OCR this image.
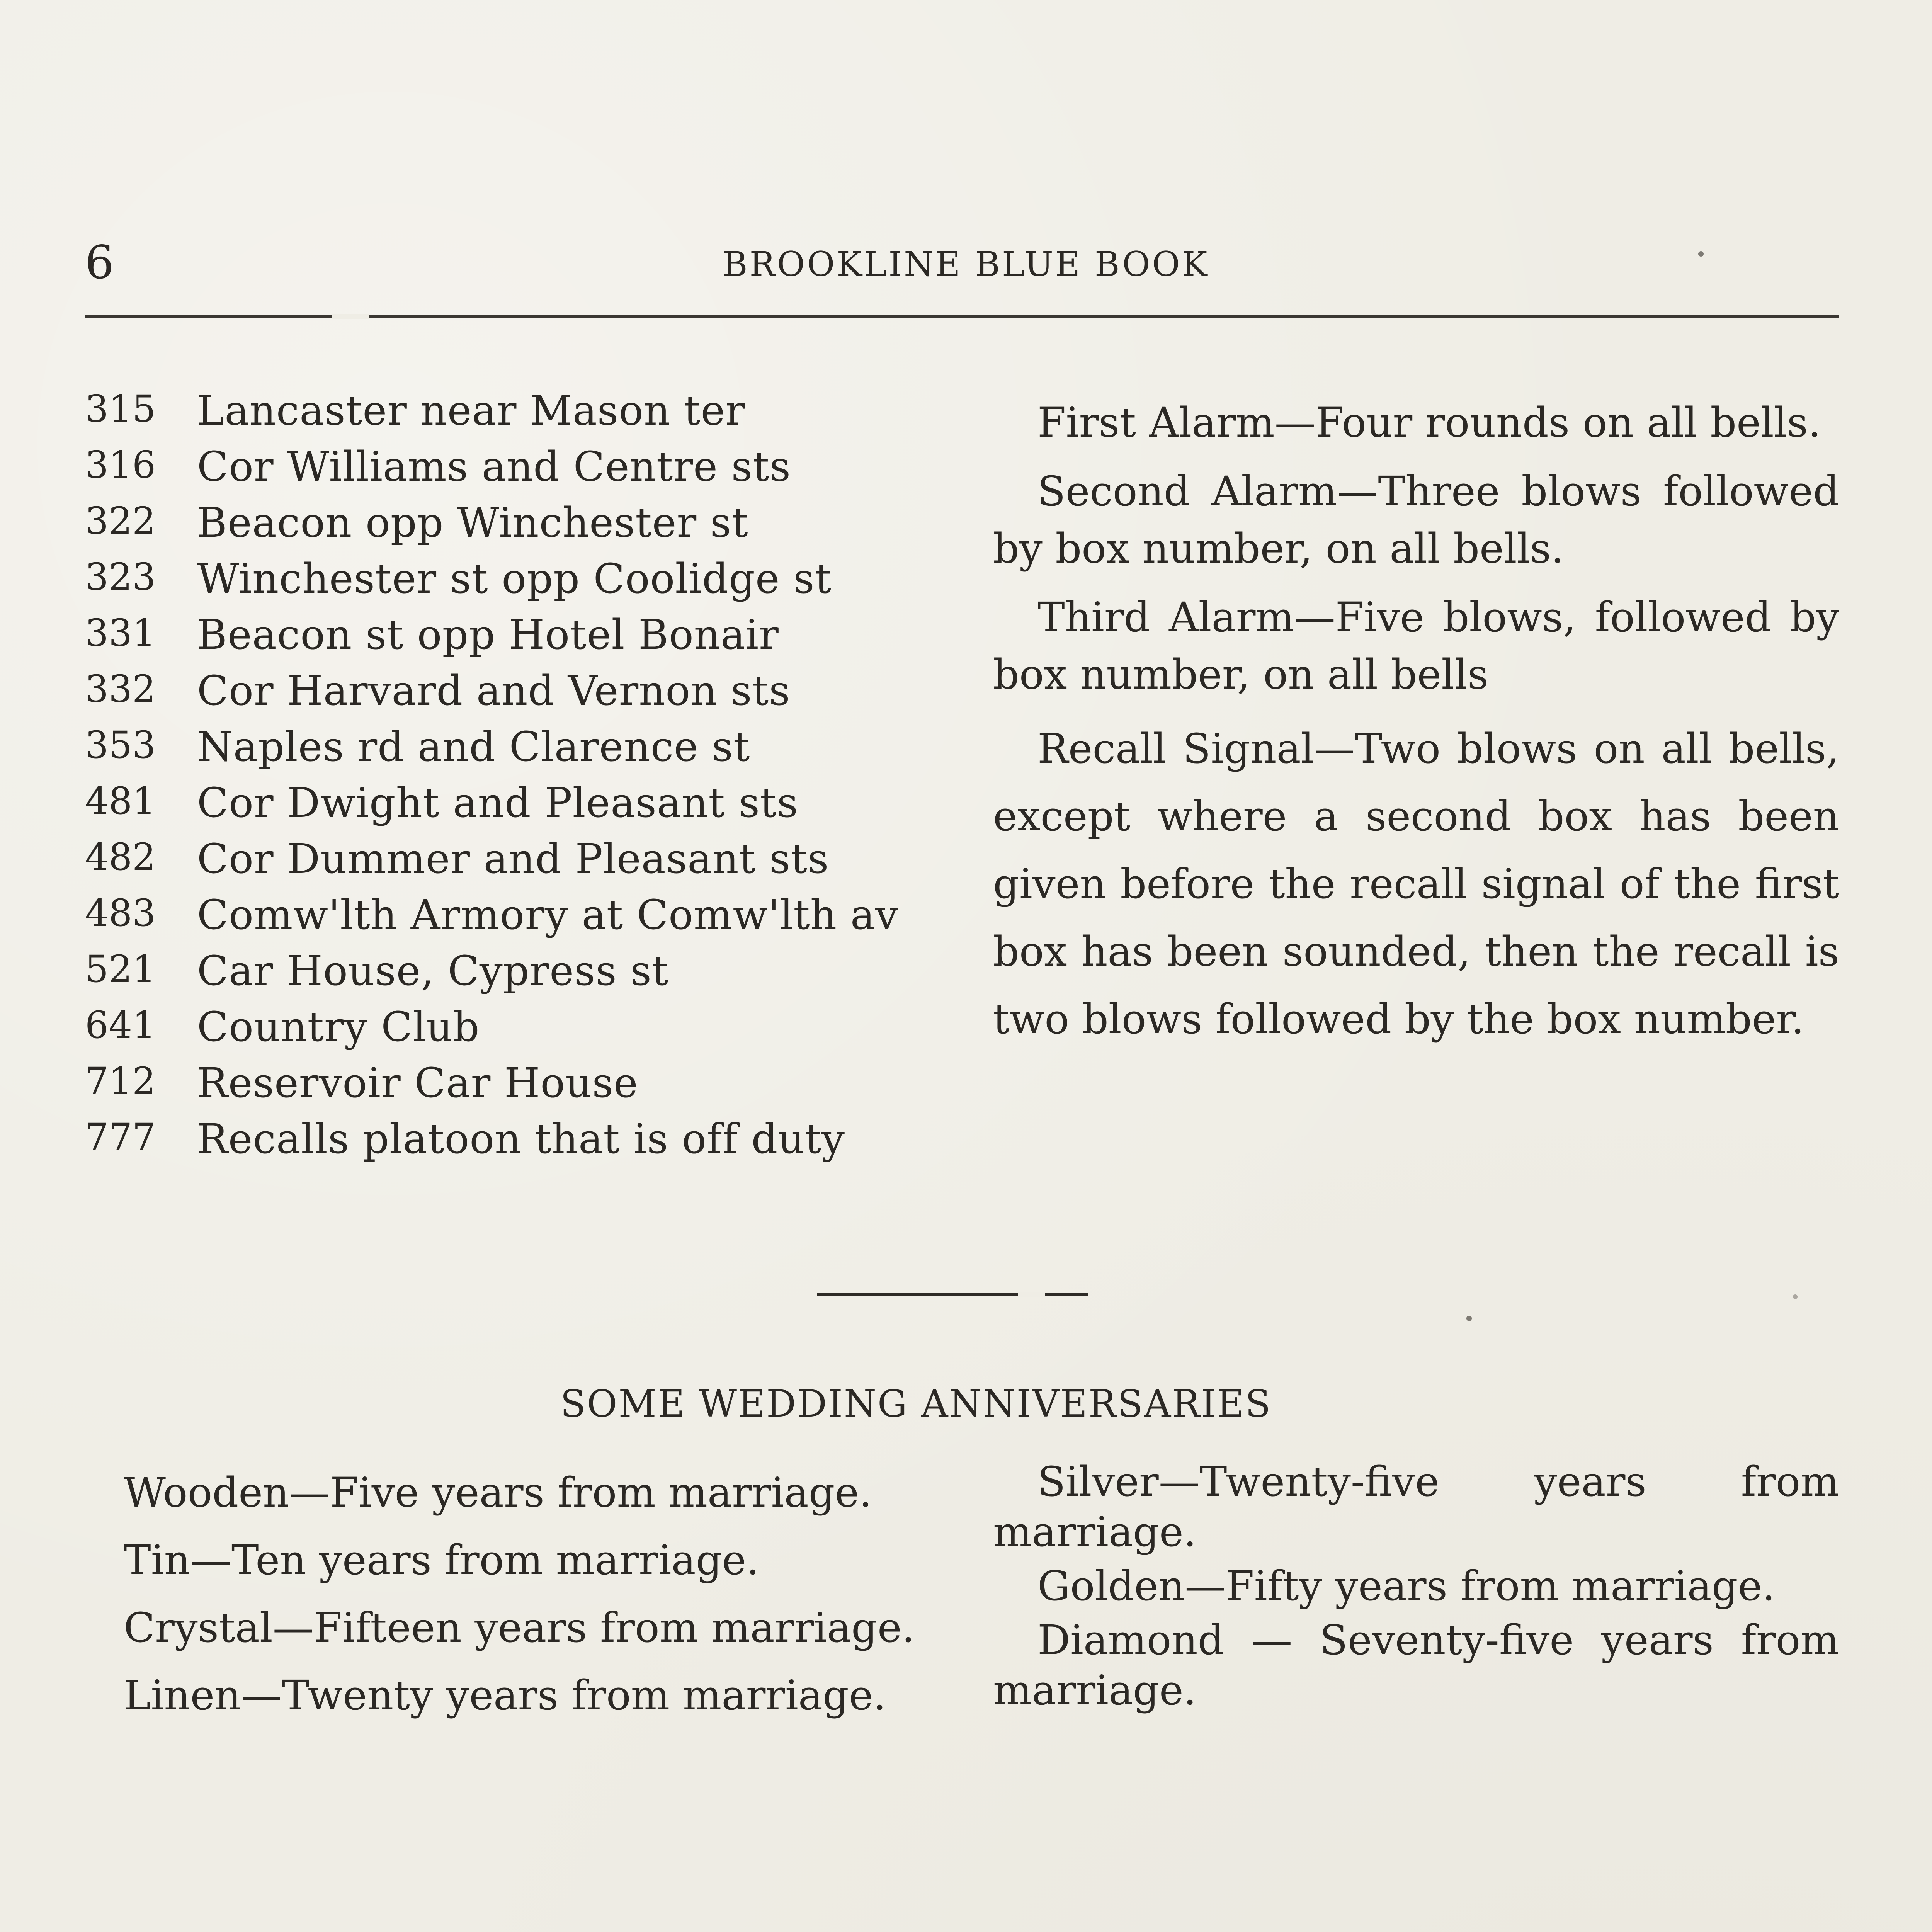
6	BROOKLINE BLUE BOOK
315	Lancaster near Mason ter
316	Cor Williams and Centre sts
322	Beacon opp Winchester st
323	Winchester st opp Coolidge st
331	Beacon st opp Hotel Bonair
332	Cor Harvard and Vernon sts
353	Naples rd and Clarence st
481	Cor Dwight and Pleasant sts
482	Cor Dummer and Pleasant sts
483	Comw'lth Armory at Comw'lth av
521	Car House, Cypress st
641	Country Club
712	Reservoir Car House
777	Recalls platoon that is off duty
First Alarm—Four rounds on all bells.
Second Alarm—Three blows followed by box number, on all bells.
Third Alarm—Five blows, followed by box number, on all bells
Recall Signal—Two blows on all bells, except where a second box has been given before the recall signal of the first box has been sounded, then the recall is two blows followed by the box number.
SOME WEDDING ANNIVERSARIES
Wooden—Five years from marriage.
Tin—Ten years from marriage.
Crystal—Fifteen years from marriage.
Linen—Twenty years from marriage.
Silver—Twenty-five years from marriage.
Golden—Fifty years from marriage.
Diamond — Seventy-five years from marriage.
